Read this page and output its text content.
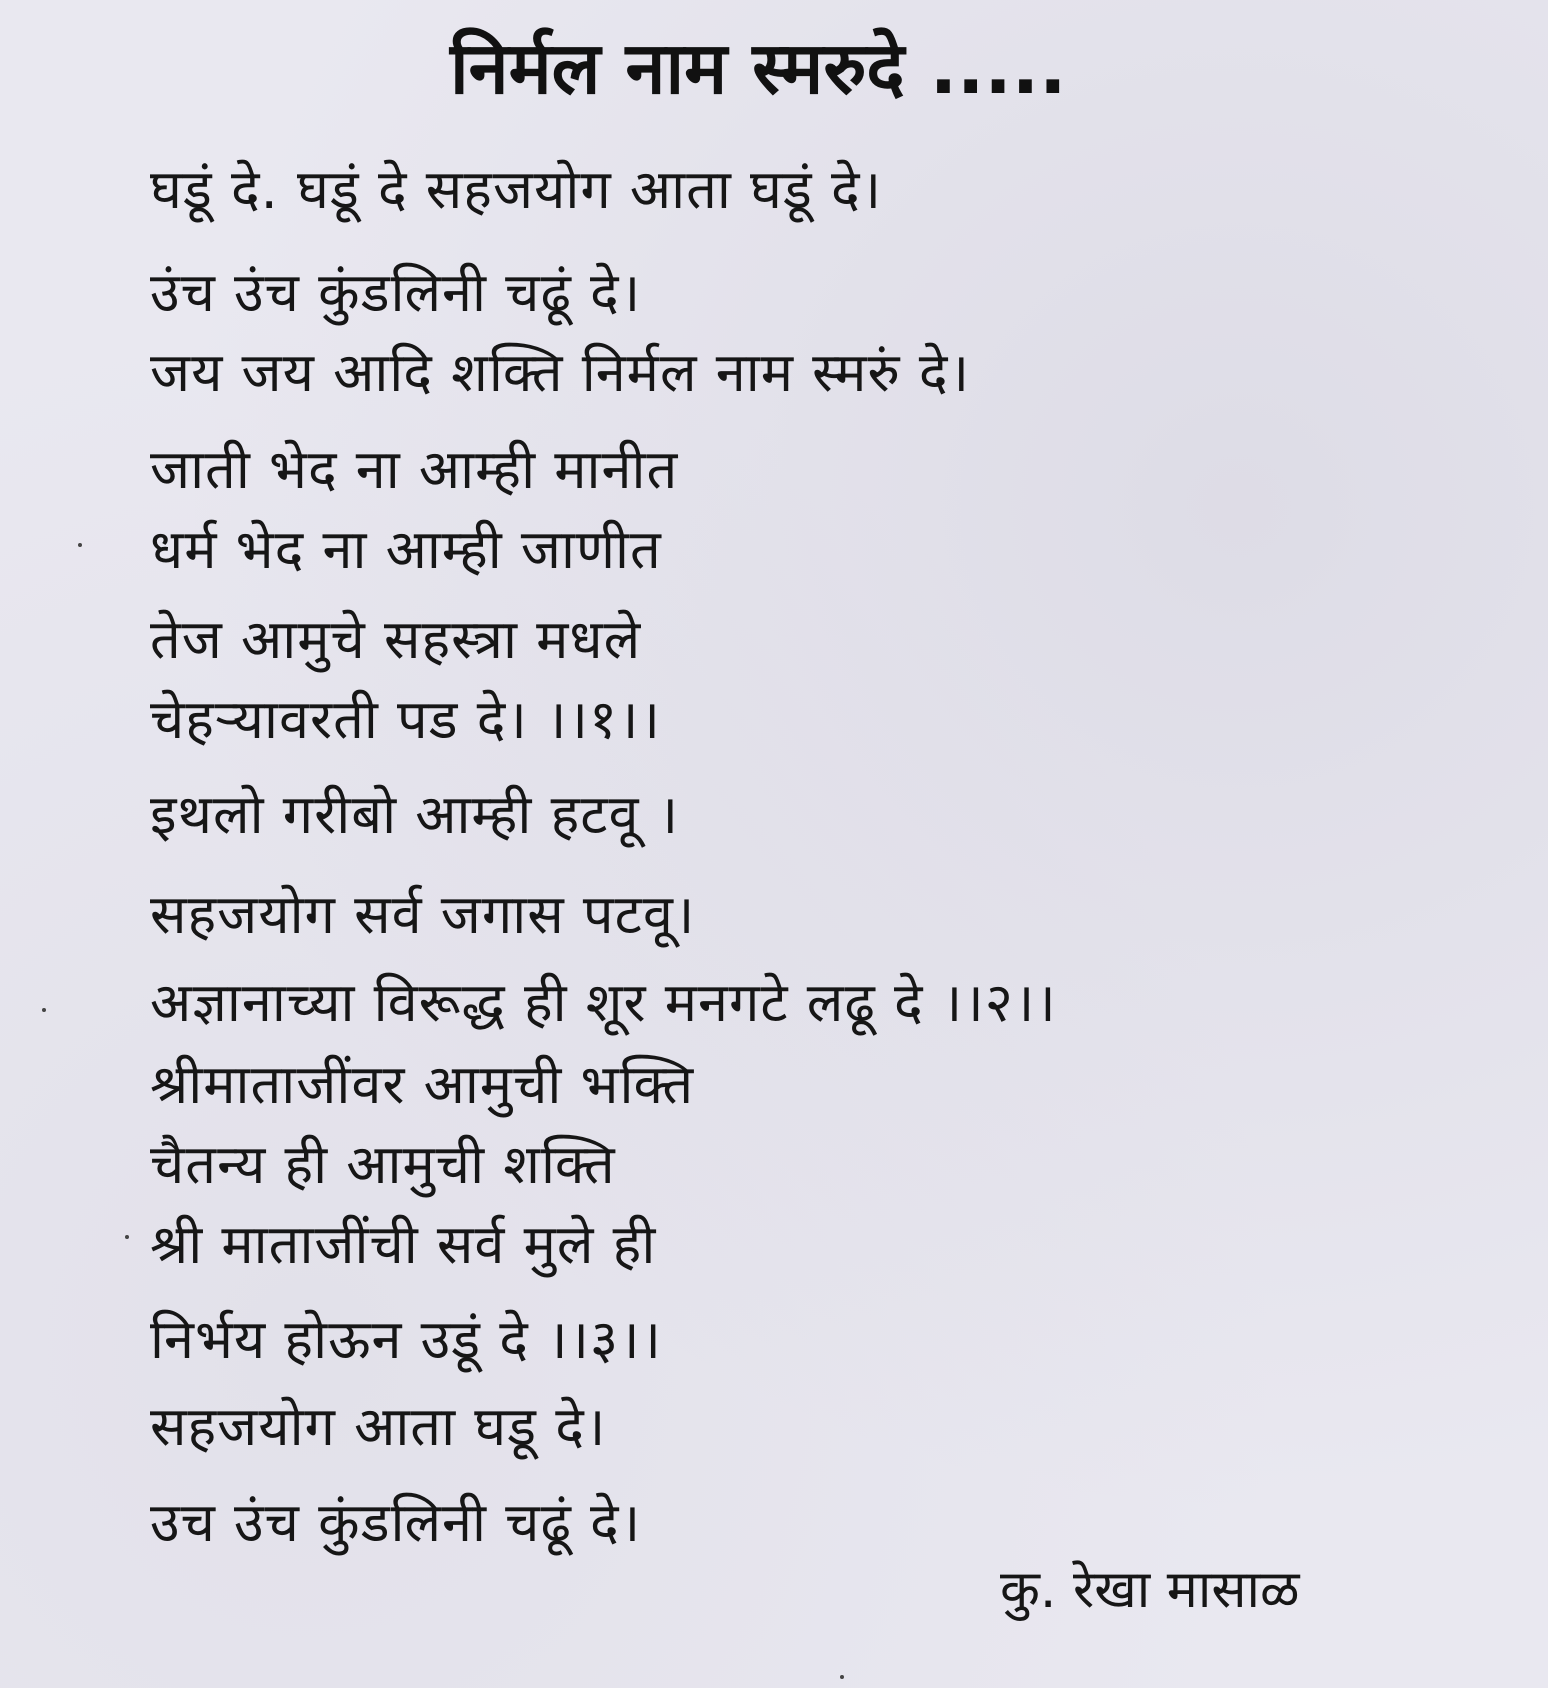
निर्मल नाम स्मरुदे .....
घडूं दे. घडूं दे सहजयोग आता घडूं दे।
उंच उंच कुंडलिनी चढूं दे।
जय जय आदि शक्ति निर्मल नाम स्मरुं दे।
जाती भेद ना आम्ही मानीत
धर्म भेद ना आम्ही जाणीत
तेज आमुचे सहस्त्रा मधले
चेहऱ्यावरती पड दे। ।।१।।
इथलो गरीबो आम्ही हटवू ।
सहजयोग सर्व जगास पटवू।
अज्ञानाच्या विरूद्ध ही शूर मनगटे लढू दे ।।२।।
श्रीमाताजींवर आमुची भक्ति
चैतन्य ही आमुची शक्ति
श्री माताजींची सर्व मुले ही
निर्भय होऊन उडूं दे ।।३।।
सहजयोग आता घडू दे।
उच उंच कुंडलिनी चढूं दे।
कु. रेखा मासाळ
